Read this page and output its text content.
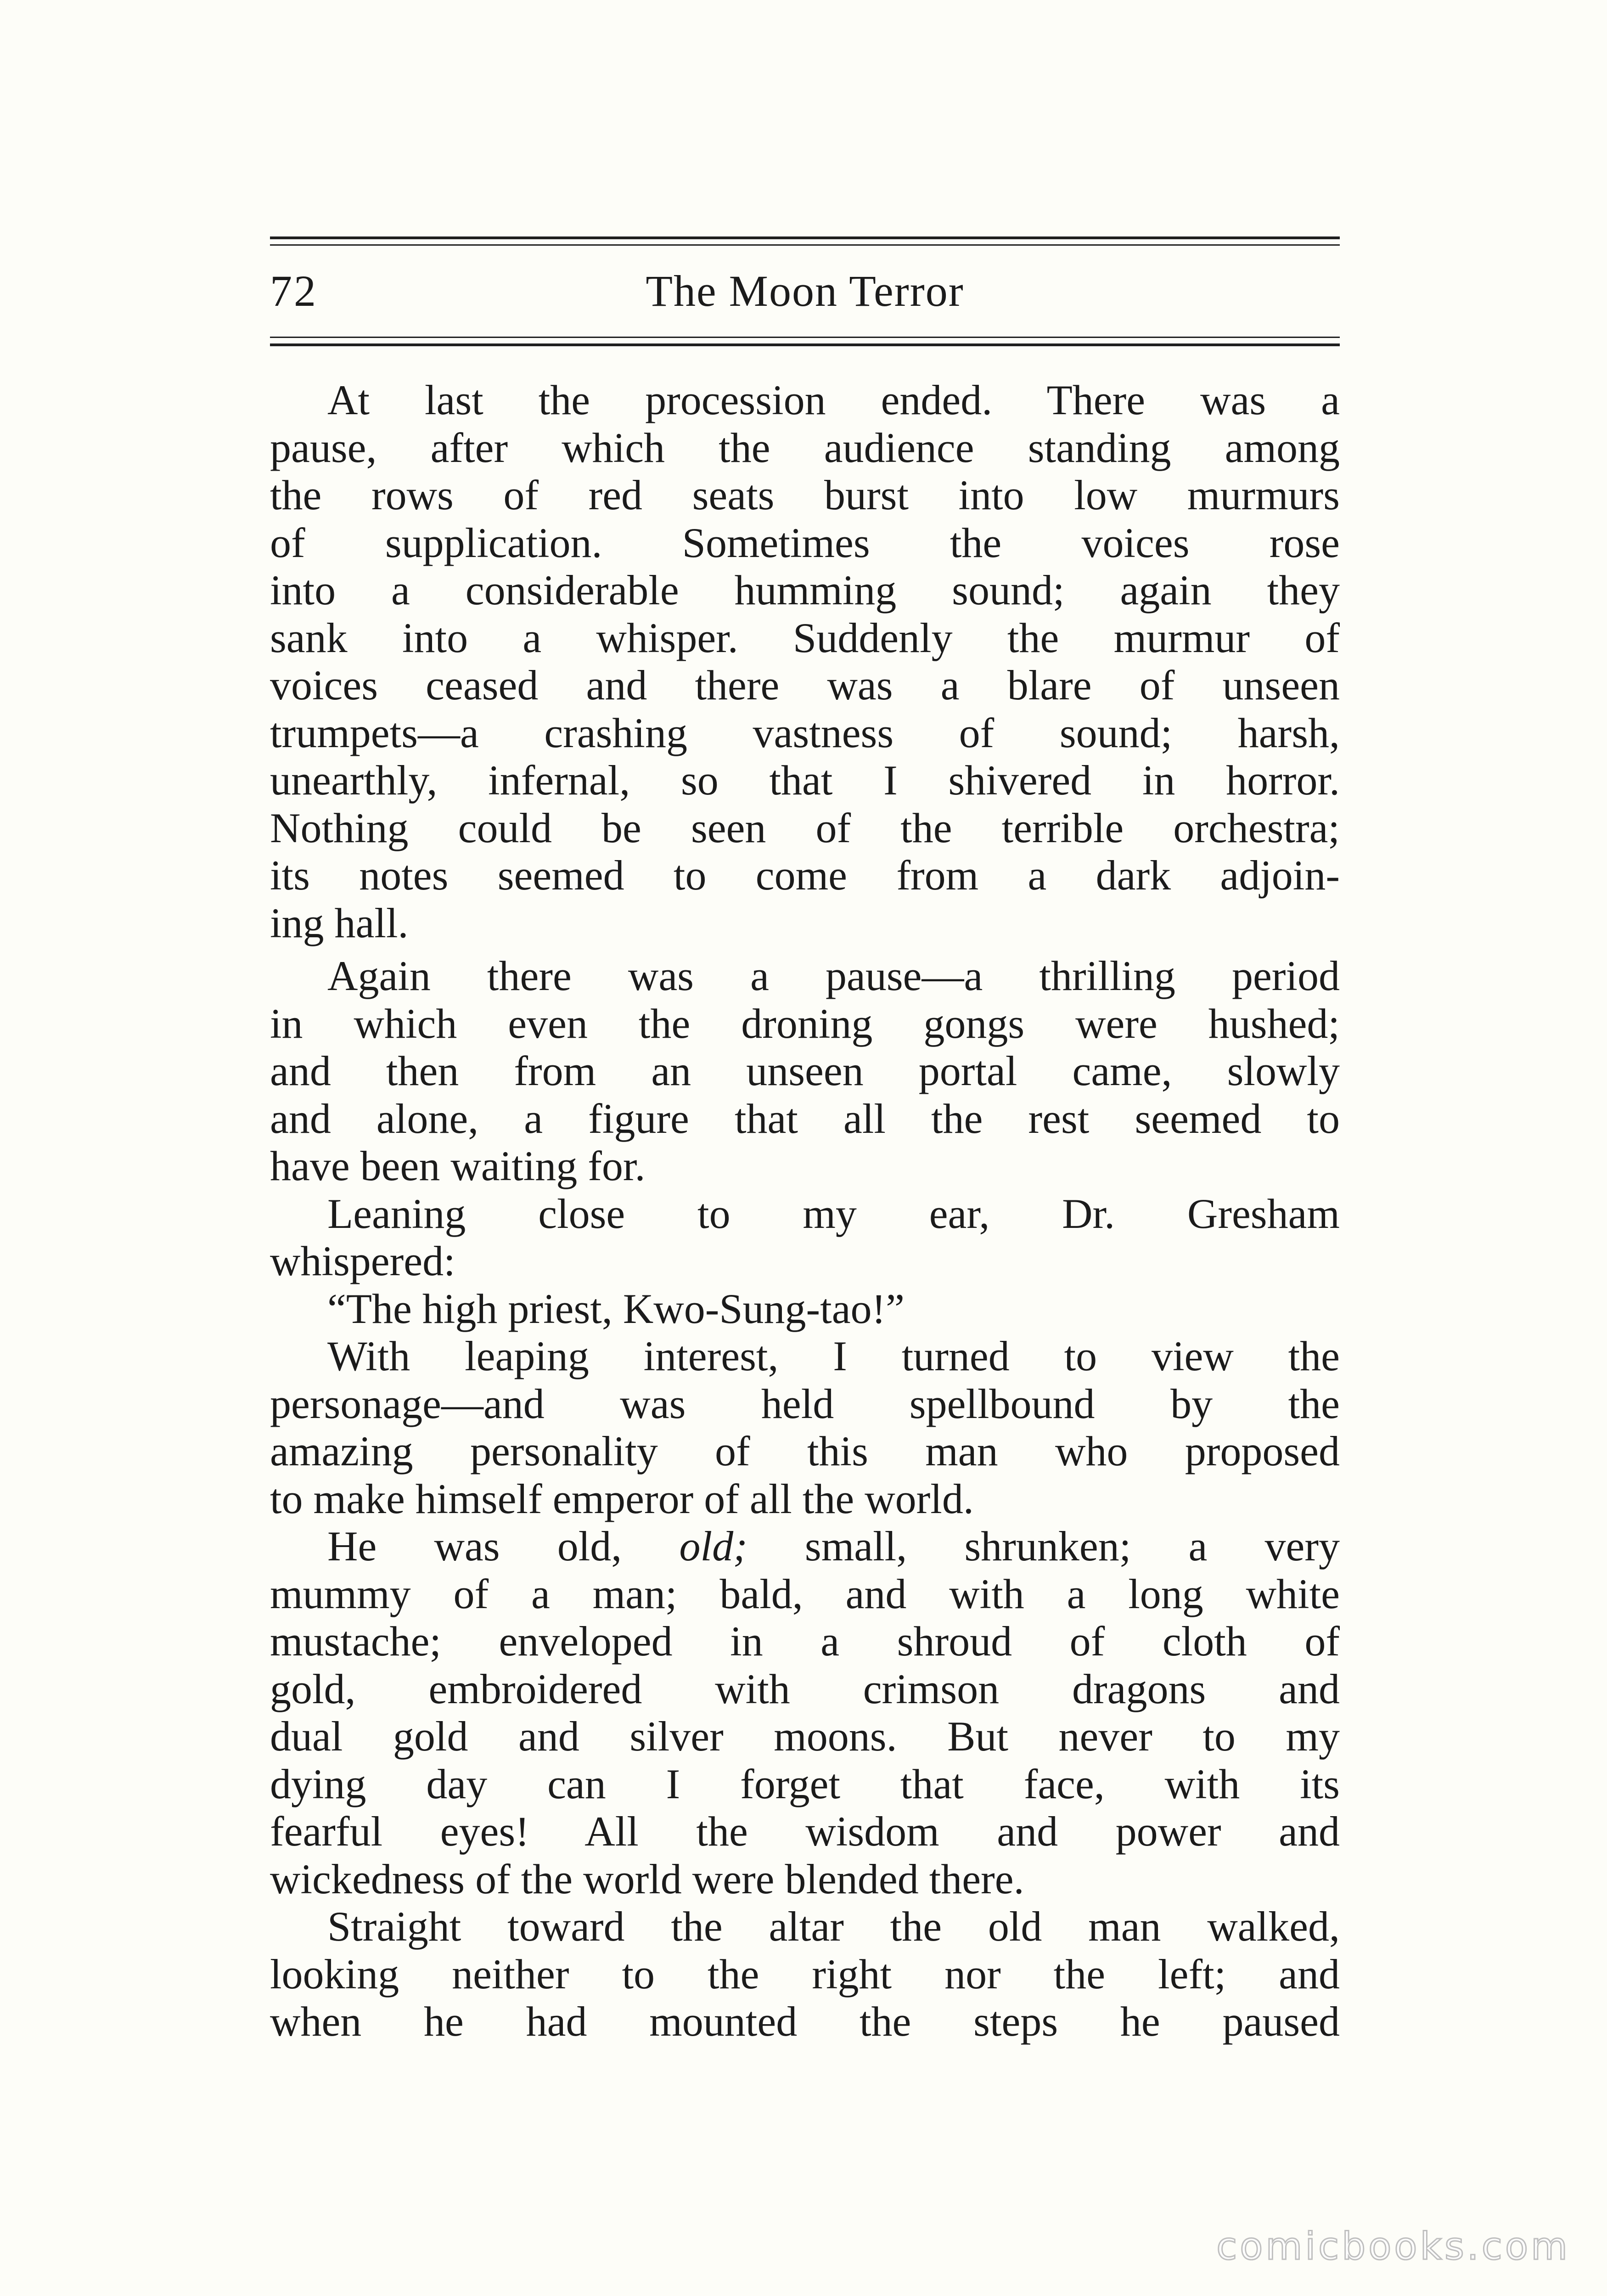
72	The Moon Terror
At last the procession ended. There was a
pause, after which the audience standing among
the rows of red seats burst into low murmurs
of supplication. Sometimes the voices rose
into a considerable humming sound; again they
sank into a whisper. Suddenly the murmur of
voices ceased and there was a blare of unseen
trumpets—a crashing vastness of sound; harsh,
unearthly, infernal, so that I shivered in horror.
Nothing could be seen of the terrible orchestra;
its notes seemed to come from a dark adjoin-
ing hall.
Again there was a pause—a thrilling period
in which even the droning gongs were hushed;
and then from an unseen portal came, slowly
and alone, a figure that all the rest seemed to
have been waiting for.
Leaning close to my ear, Dr. Gresham
whispered:
“The high priest, Kwo-Sung-tao!”
With leaping interest, I turned to view the
personage—and was held spellbound by the
amazing personality of this man who proposed
to make himself emperor of all the world.
He was old, old; small, shrunken; a very
mummy of a man; bald, and with a long white
mustache; enveloped in a shroud of cloth of
gold, embroidered with crimson dragons and
dual gold and silver moons. But never to my
dying day can I forget that face, with its
fearful eyes! All the wisdom and power and
wickedness of the world were blended there.
Straight toward the altar the old man walked,
looking neither to the right nor the left; and
when he had mounted the steps he paused
comicbooks.com
